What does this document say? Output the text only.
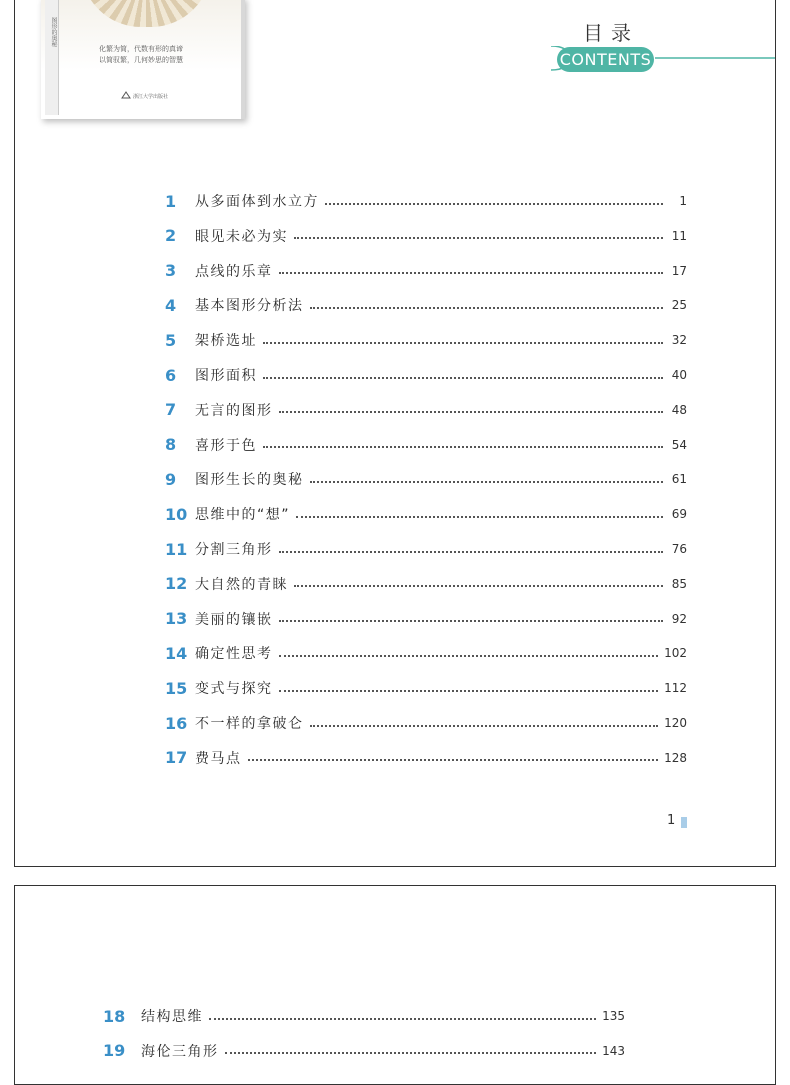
图形的奥秘
化繁为简，代数有形的真谛
以简驭繁，几何妙思的智慧
浙江大学出版社
目录
CONTENTS
1	从多面体到水立方	1
2	眼见未必为实	11
3	点线的乐章	17
4	基本图形分析法	25
5	架桥选址	32
6	图形面积	40
7	无言的图形	48
8	喜形于色	54
9	图形生长的奥秘	61
10 思维中的“想”	69
11 分割三角形	76
12 大自然的青睐	85
13 美丽的镶嵌	92
14 确定性思考	102
15 变式与探究	112
16 不一样的拿破仑	120
17 费马点	128
1
18	结构思维	135
19	海伦三角形	143
